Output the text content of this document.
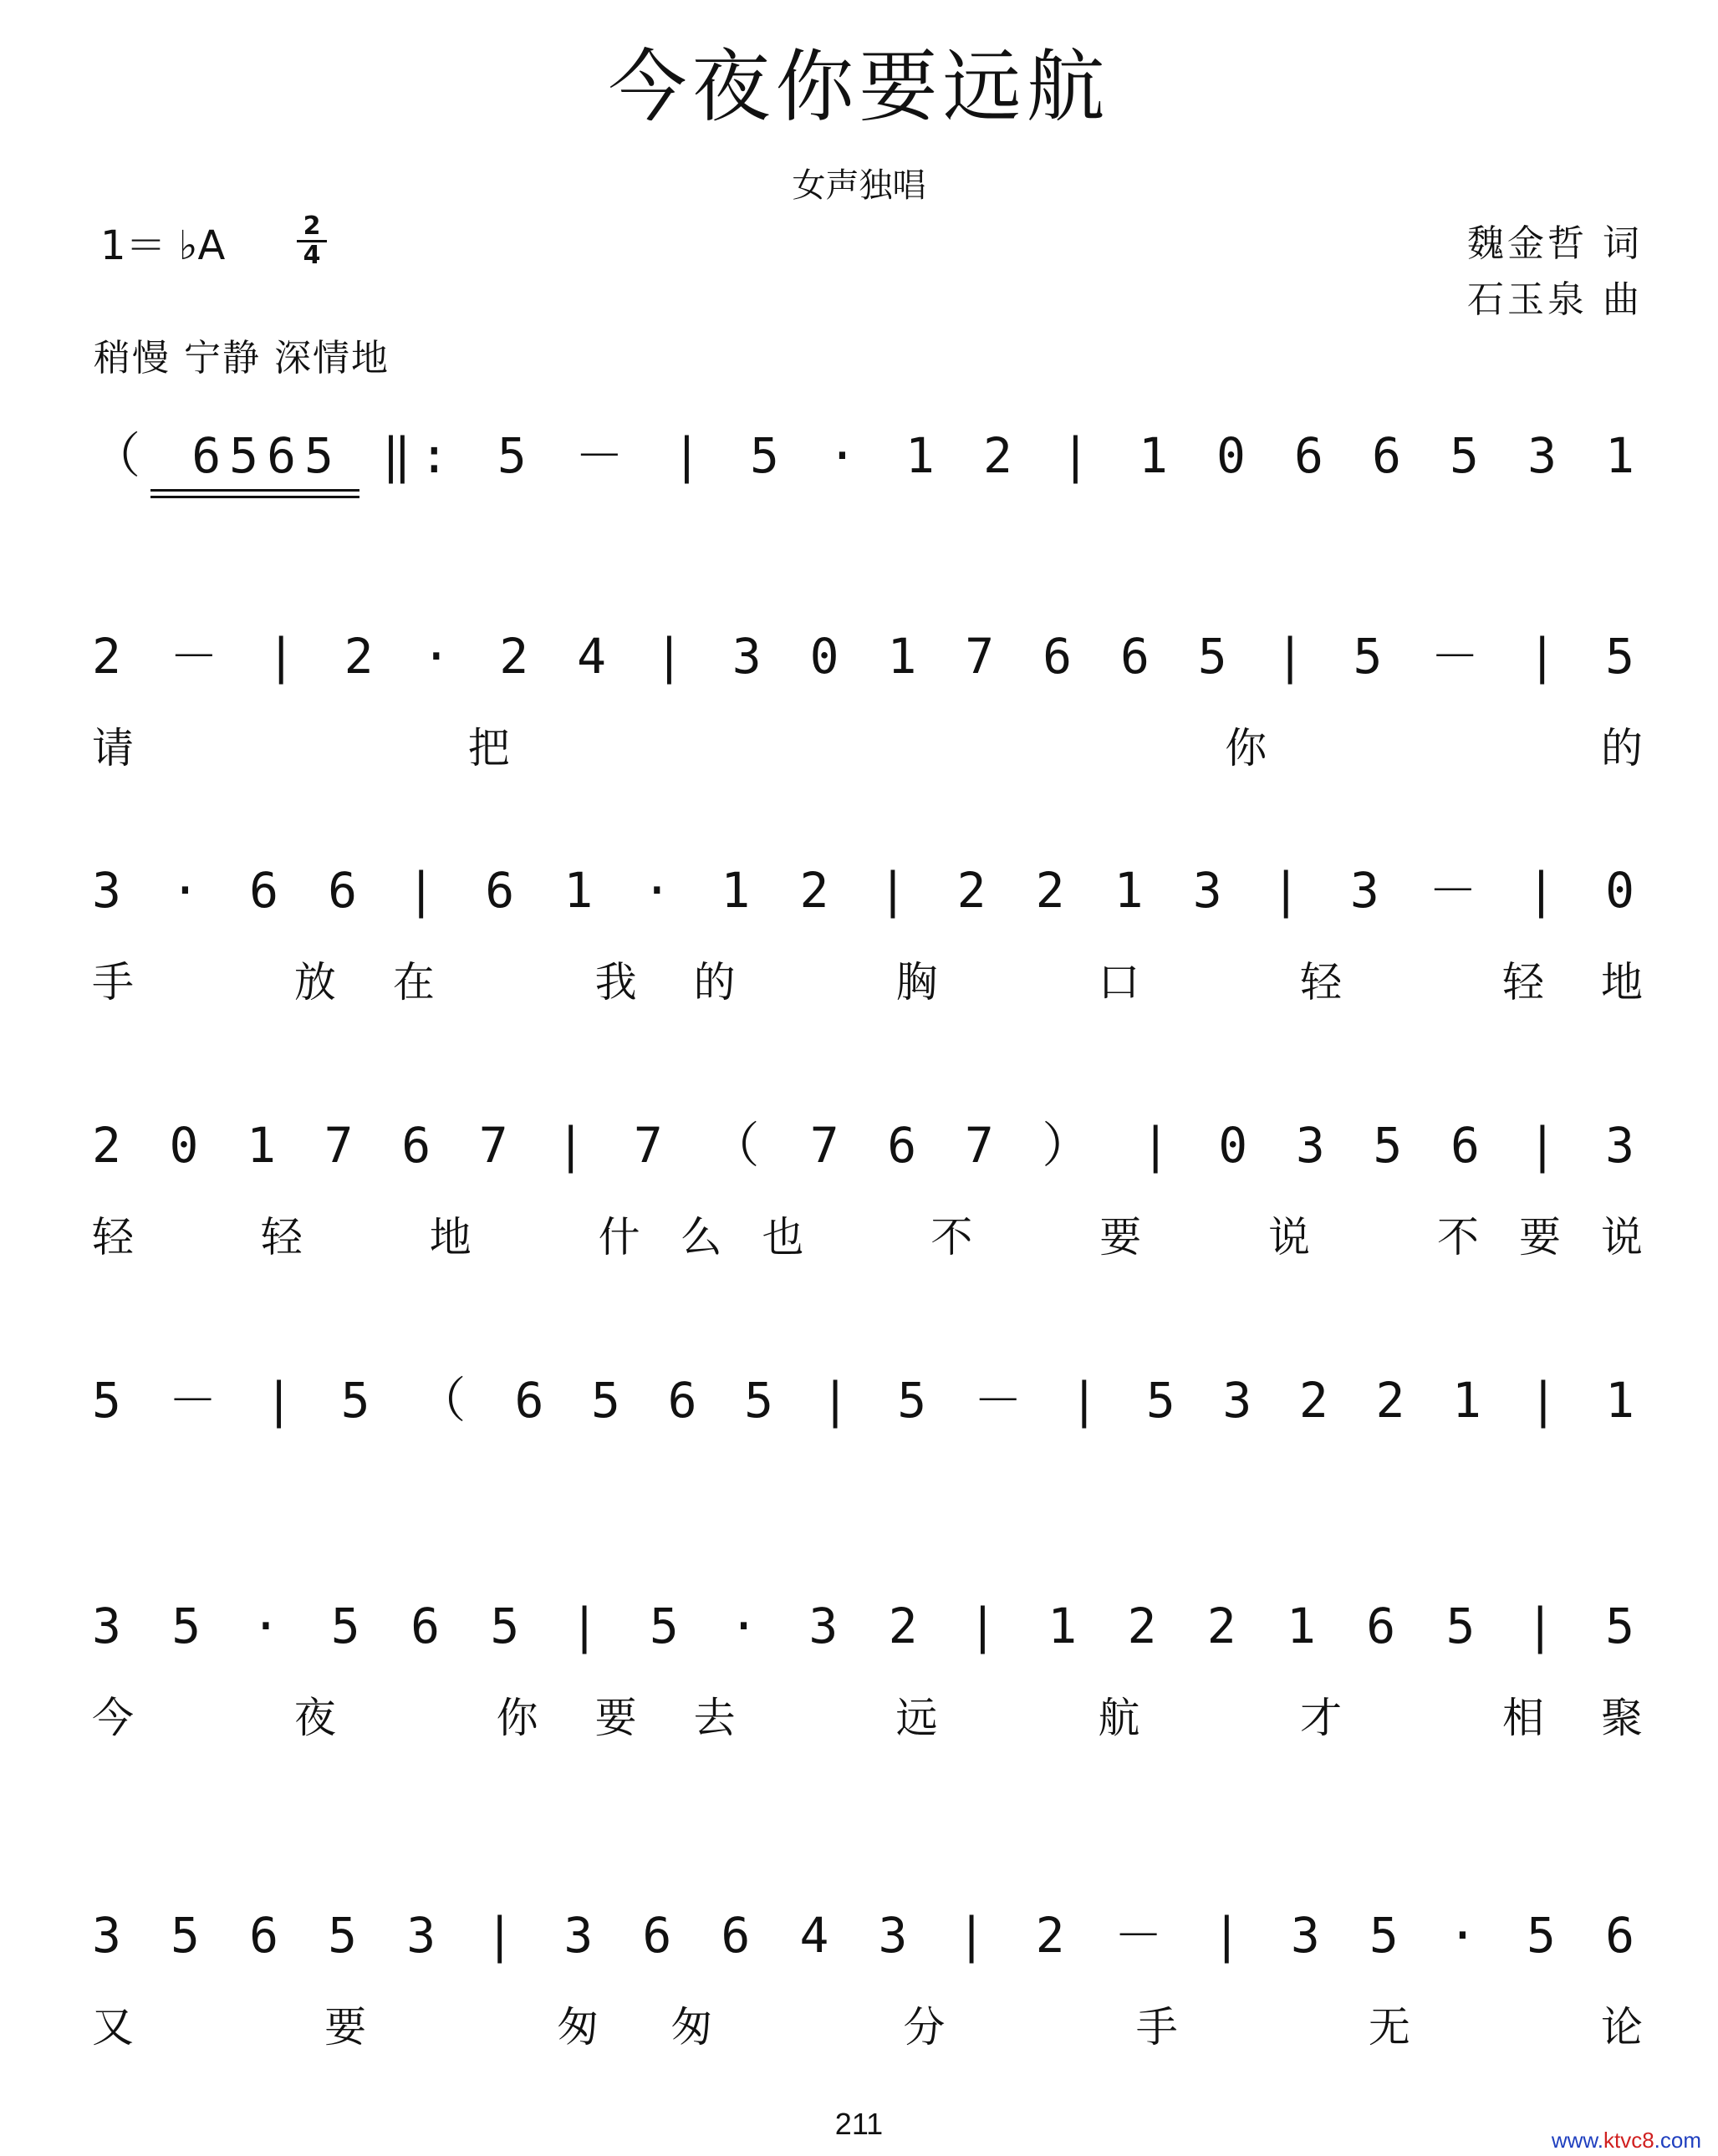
今夜你要远航
女声独唱
1＝ ♭A	$\frac{2}{4}$	魏金哲 词
石玉泉 曲
稍慢 宁静 深情地
（ 6565 ‖: 5 － | 5 · 1 2 | 1 0 6 6 5 3 1
2 － | 2 · 2 4 | 3 0 1 7 6 6 5 | 5 － | 5
请把 你的
3 · 6 6 | 6 1 · 1 2 | 2 2 1 3 | 3 － | 0
手 放在 我的 胸 口 轻 轻地
2 0 1 7 6 7 | 7 （ 7 6 7 ） | 0 3 5 6 | 3
轻 轻 地 什么也 不 要 说 不要说
5 － | 5 （ 6 5 6 5 | 5 － | 5 3 2 2 1 | 1
3 5 · 5 6 5 | 5 · 3 2 | 1 2 2 1 6 5 | 5
今 夜 你要去 远 航 才 相聚
3 5 6 5 3 | 3 6 6 4 3 | 2 － | 3 5 · 5 6
又 要 匆匆 分 手 无 论
211	www.ktvc8.com
